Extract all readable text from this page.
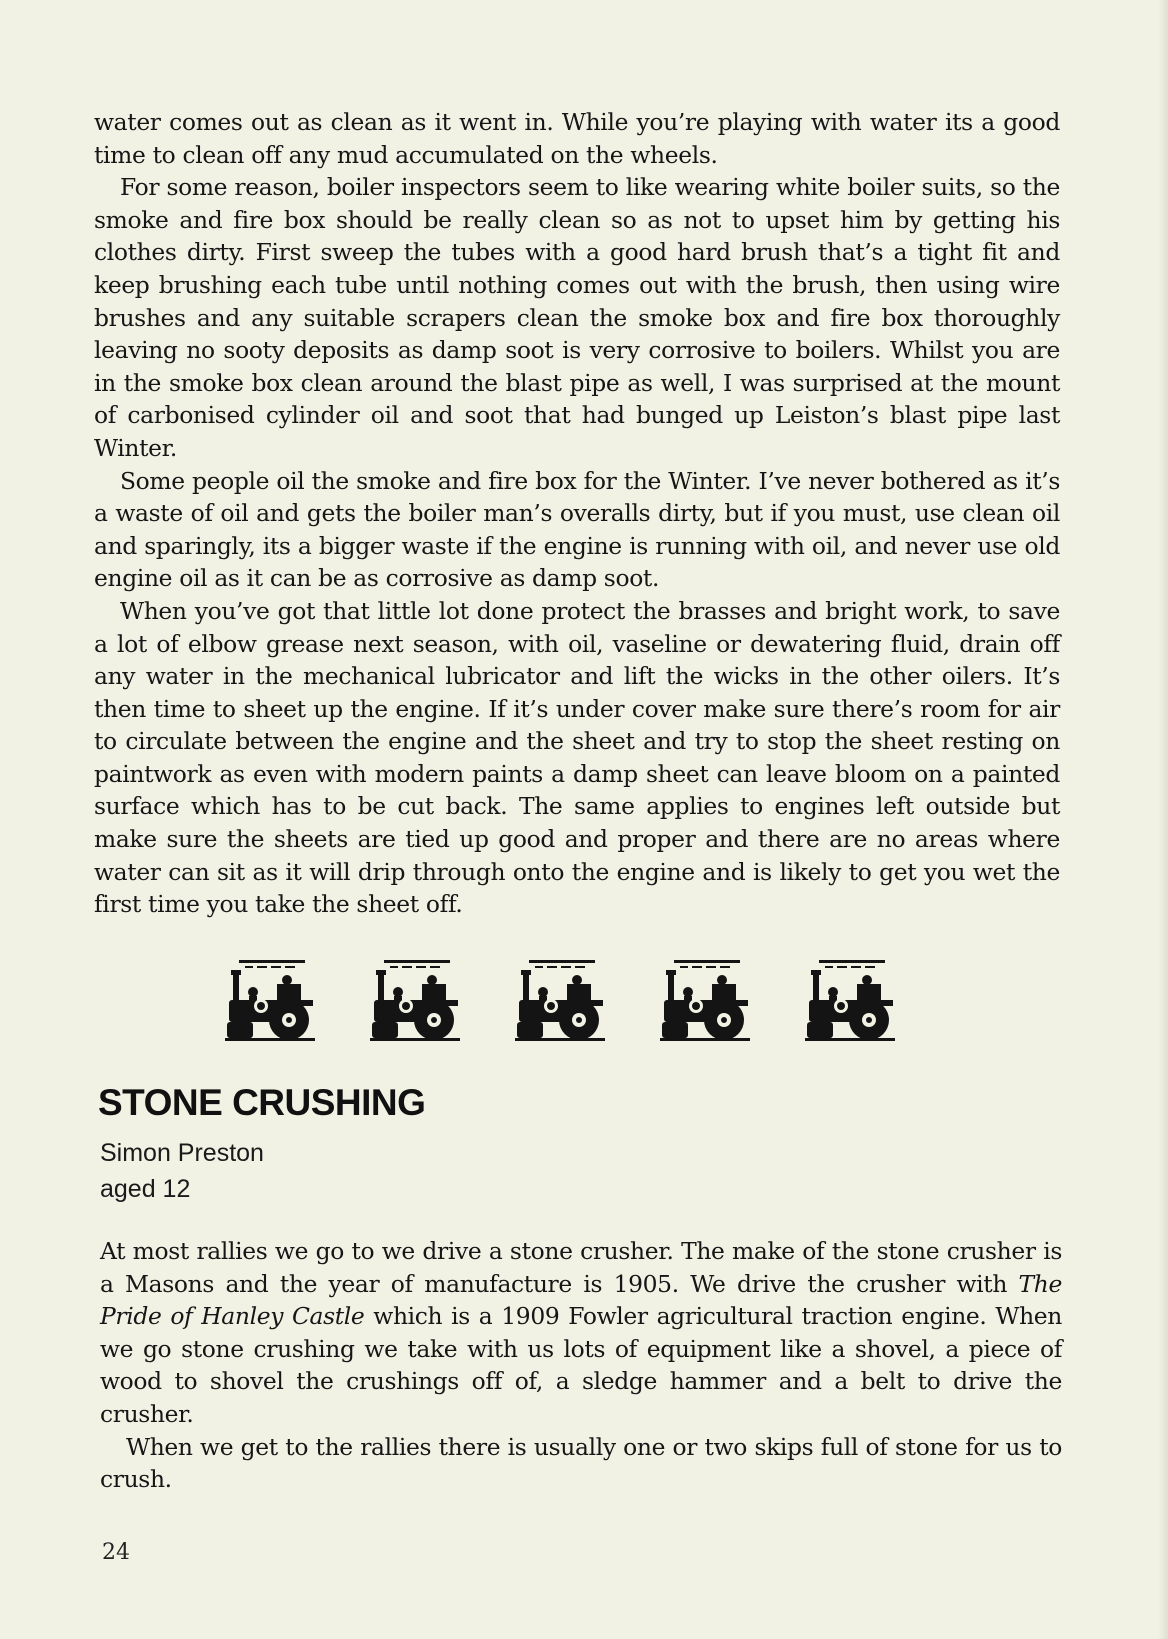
water comes out as clean as it went in. While you’re playing with water its a good time to clean off any mud accumulated on the wheels.

For some reason, boiler inspectors seem to like wearing white boiler suits, so the smoke and fire box should be really clean so as not to upset him by getting his clothes dirty. First sweep the tubes with a good hard brush that’s a tight fit and keep brushing each tube until nothing comes out with the brush, then using wire brushes and any suitable scrapers clean the smoke box and fire box thoroughly leaving no sooty deposits as damp soot is very corrosive to boilers. Whilst you are in the smoke box clean around the blast pipe as well, I was surprised at the mount of carbonised cylinder oil and soot that had bunged up Leiston’s blast pipe last Winter.

Some people oil the smoke and fire box for the Winter. I’ve never bothered as it’s a waste of oil and gets the boiler man’s overalls dirty, but if you must, use clean oil and sparingly, its a bigger waste if the engine is running with oil, and never use old engine oil as it can be as corrosive as damp soot.

When you’ve got that little lot done protect the brasses and bright work, to save a lot of elbow grease next season, with oil, vaseline or dewatering fluid, drain off any water in the mechanical lubricator and lift the wicks in the other oilers. It’s then time to sheet up the engine. If it’s under cover make sure there’s room for air to circulate between the engine and the sheet and try to stop the sheet resting on paintwork as even with modern paints a damp sheet can leave bloom on a painted surface which has to be cut back. The same applies to engines left outside but make sure the sheets are tied up good and proper and there are no areas where water can sit as it will drip through onto the engine and is likely to get you wet the first time you take the sheet off.

STONE CRUSHING
Simon Preston
aged 12

At most rallies we go to we drive a stone crusher. The make of the stone crusher is a Masons and the year of manufacture is 1905. We drive the crusher with The Pride of Hanley Castle which is a 1909 Fowler agricultural traction engine. When we go stone crushing we take with us lots of equipment like a shovel, a piece of wood to shovel the crushings off of, a sledge hammer and a belt to drive the crusher.

When we get to the rallies there is usually one or two skips full of stone for us to crush.

24
